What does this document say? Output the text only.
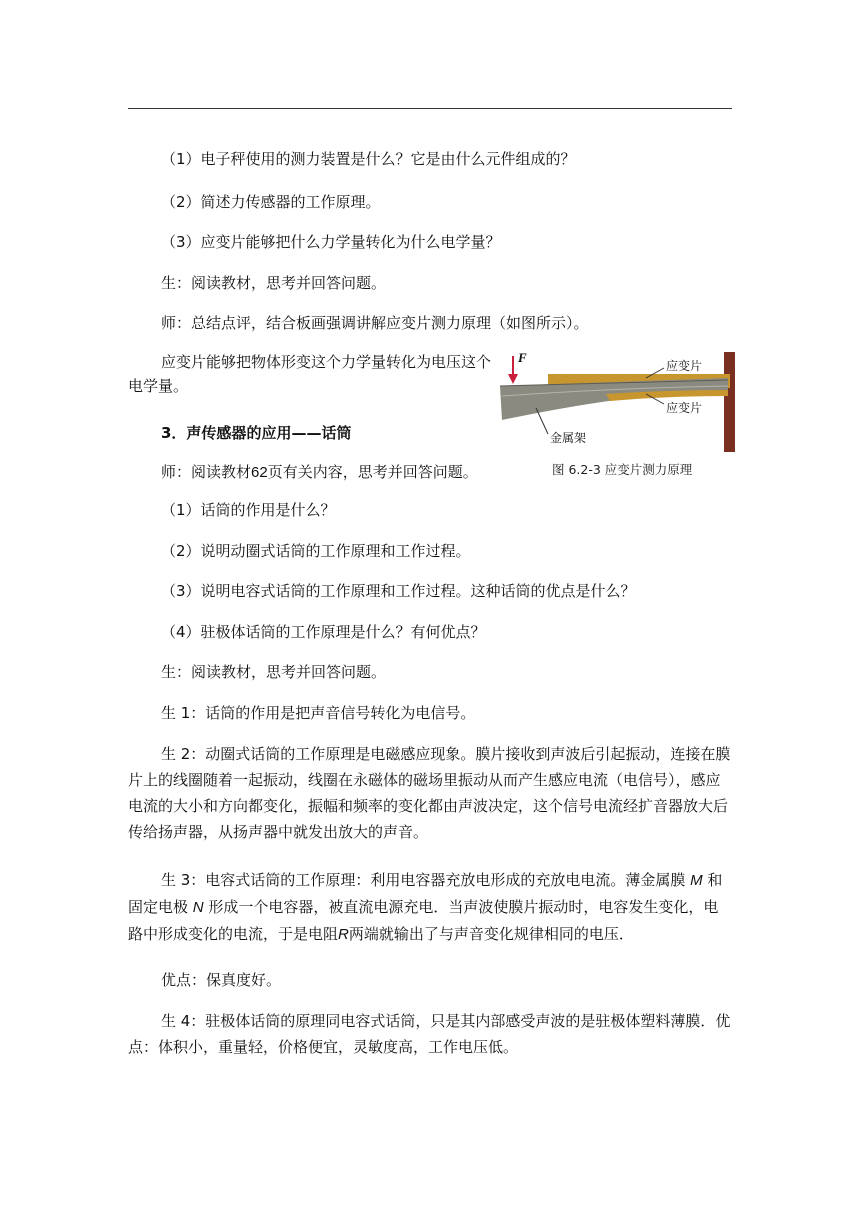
（1）电子秤使用的测力装置是什么？它是由什么元件组成的？

（2）简述力传感器的工作原理。

（3）应变片能够把什么力学量转化为什么电学量？

生：阅读教材，思考并回答问题。

师：总结点评，结合板画强调讲解应变片测力原理（如图所示）。

应变片能够把物体形变这个力学量转化为电压这个电学量。

3．声传感器的应用——话筒

师：阅读教材62页有关内容，思考并回答问题。

F
应变片
应变片
金属架
图 6.2-3 应变片测力原理

（1）话筒的作用是什么？

（2）说明动圈式话筒的工作原理和工作过程。

（3）说明电容式话筒的工作原理和工作过程。这种话筒的优点是什么？

（4）驻极体话筒的工作原理是什么？有何优点？

生：阅读教材，思考并回答问题。

生 1：话筒的作用是把声音信号转化为电信号。

生 2：动圈式话筒的工作原理是电磁感应现象。膜片接收到声波后引起振动，连接在膜片上的线圈随着一起振动，线圈在永磁体的磁场里振动从而产生感应电流（电信号），感应电流的大小和方向都变化，振幅和频率的变化都由声波决定，这个信号电流经扩音器放大后传给扬声器，从扬声器中就发出放大的声音。

生 3：电容式话筒的工作原理：利用电容器充放电形成的充放电电流。薄金属膜 M 和固定电极 N 形成一个电容器，被直流电源充电．当声波使膜片振动时，电容发生变化，电路中形成变化的电流，于是电阻R两端就输出了与声音变化规律相同的电压．

优点：保真度好。

生 4：驻极体话筒的原理同电容式话筒，只是其内部感受声波的是驻极体塑料薄膜．优点：体积小，重量轻，价格便宜，灵敏度高，工作电压低。
